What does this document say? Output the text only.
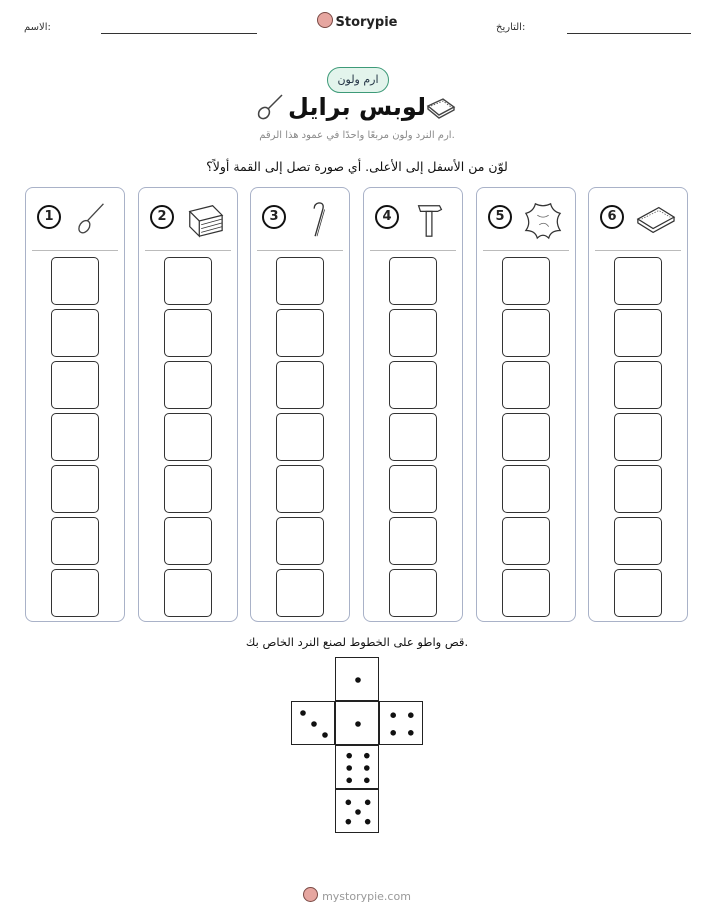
الاسم:	Storypie	التاريخ:
ارم ولون
لوبس برايل
ارم النرد ولون مربعًا واحدًا في عمود هذا الرقم.
لوّن من الأسفل إلى الأعلى. أي صورة تصل إلى القمة أولاً؟
1	2	3	4	5	6
قص واطو على الخطوط لصنع النرد الخاص بك.
mystorypie.com
